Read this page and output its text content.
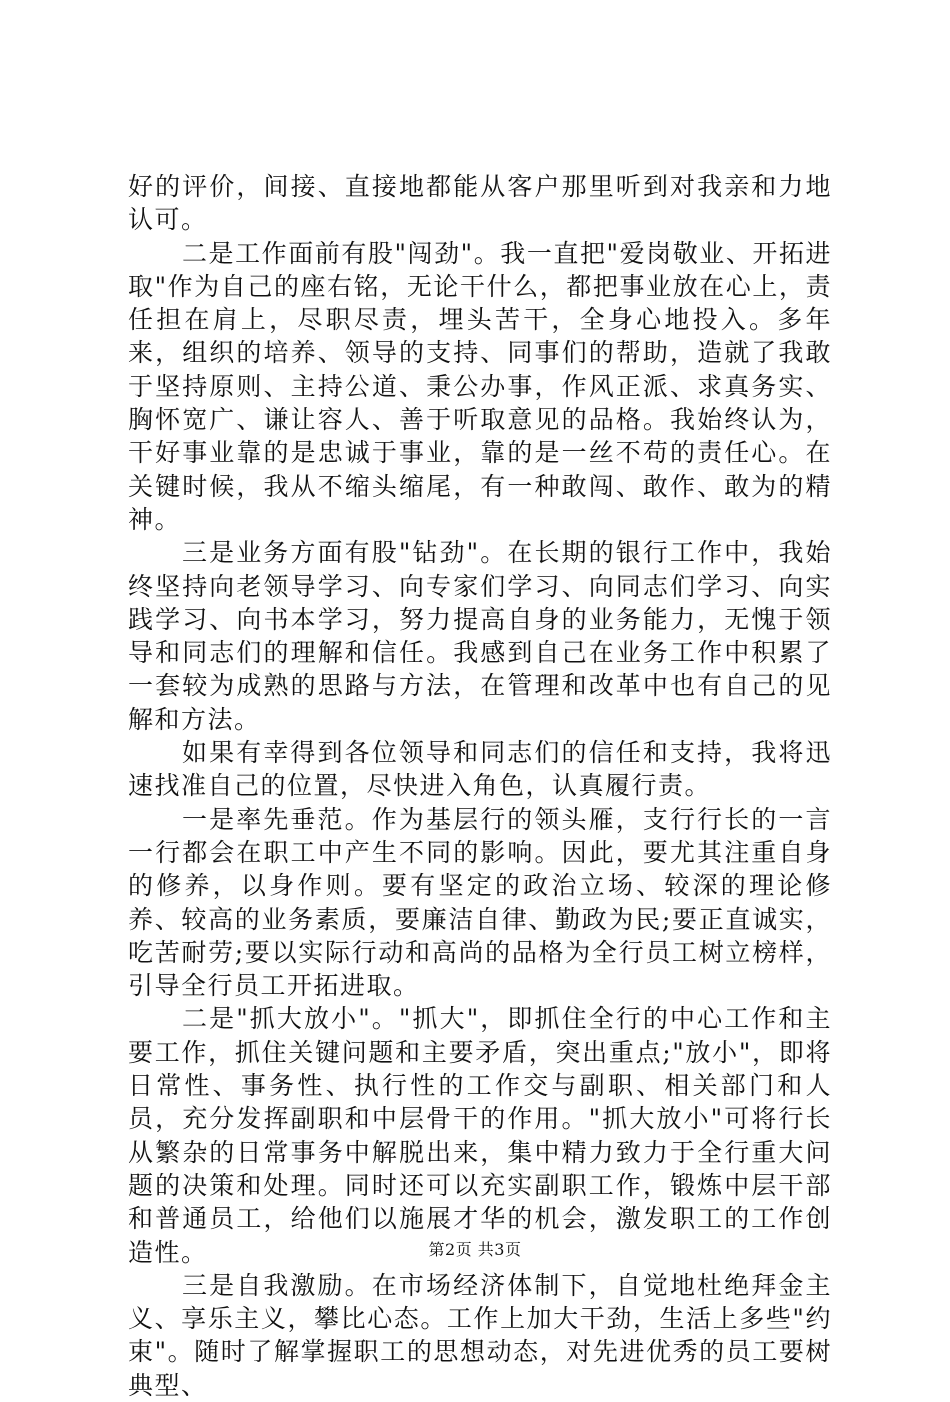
好的评价，间接、直接地都能从客户那里听到对我亲和力地认可。

二是工作面前有股"闯劲"。我一直把"爱岗敬业、开拓进取"作为自己的座右铭，无论干什么，都把事业放在心上，责任担在肩上，尽职尽责，埋头苦干，全身心地投入。多年来，组织的培养、领导的支持、同事们的帮助，造就了我敢于坚持原则、主持公道、秉公办事，作风正派、求真务实、胸怀宽广、谦让容人、善于听取意见的品格。我始终认为，干好事业靠的是忠诚于事业，靠的是一丝不苟的责任心。在关键时候，我从不缩头缩尾，有一种敢闯、敢作、敢为的精神。

三是业务方面有股"钻劲"。在长期的银行工作中，我始终坚持向老领导学习、向专家们学习、向同志们学习、向实践学习、向书本学习，努力提高自身的业务能力，无愧于领导和同志们的理解和信任。我感到自己在业务工作中积累了一套较为成熟的思路与方法，在管理和改革中也有自己的见解和方法。

如果有幸得到各位领导和同志们的信任和支持，我将迅速找准自己的位置，尽快进入角色，认真履行责。

一是率先垂范。作为基层行的领头雁，支行行长的一言一行都会在职工中产生不同的影响。因此，要尤其注重自身的修养，以身作则。要有坚定的政治立场、较深的理论修养、较高的业务素质，要廉洁自律、勤政为民;要正直诚实，吃苦耐劳;要以实际行动和高尚的品格为全行员工树立榜样，引导全行员工开拓进取。

二是"抓大放小"。"抓大"，即抓住全行的中心工作和主要工作，抓住关键问题和主要矛盾，突出重点;"放小"，即将日常性、事务性、执行性的工作交与副职、相关部门和人员，充分发挥副职和中层骨干的作用。"抓大放小"可将行长从繁杂的日常事务中解脱出来，集中精力致力于全行重大问题的决策和处理。同时还可以充实副职工作，锻炼中层干部和普通员工，给他们以施展才华的机会，激发职工的工作创造性。

三是自我激励。在市场经济体制下，自觉地杜绝拜金主义、享乐主义，攀比心态。工作上加大干劲，生活上多些"约束"。随时了解掌握职工的思想动态，对先进优秀的员工要树典型、

第2页 共3页
